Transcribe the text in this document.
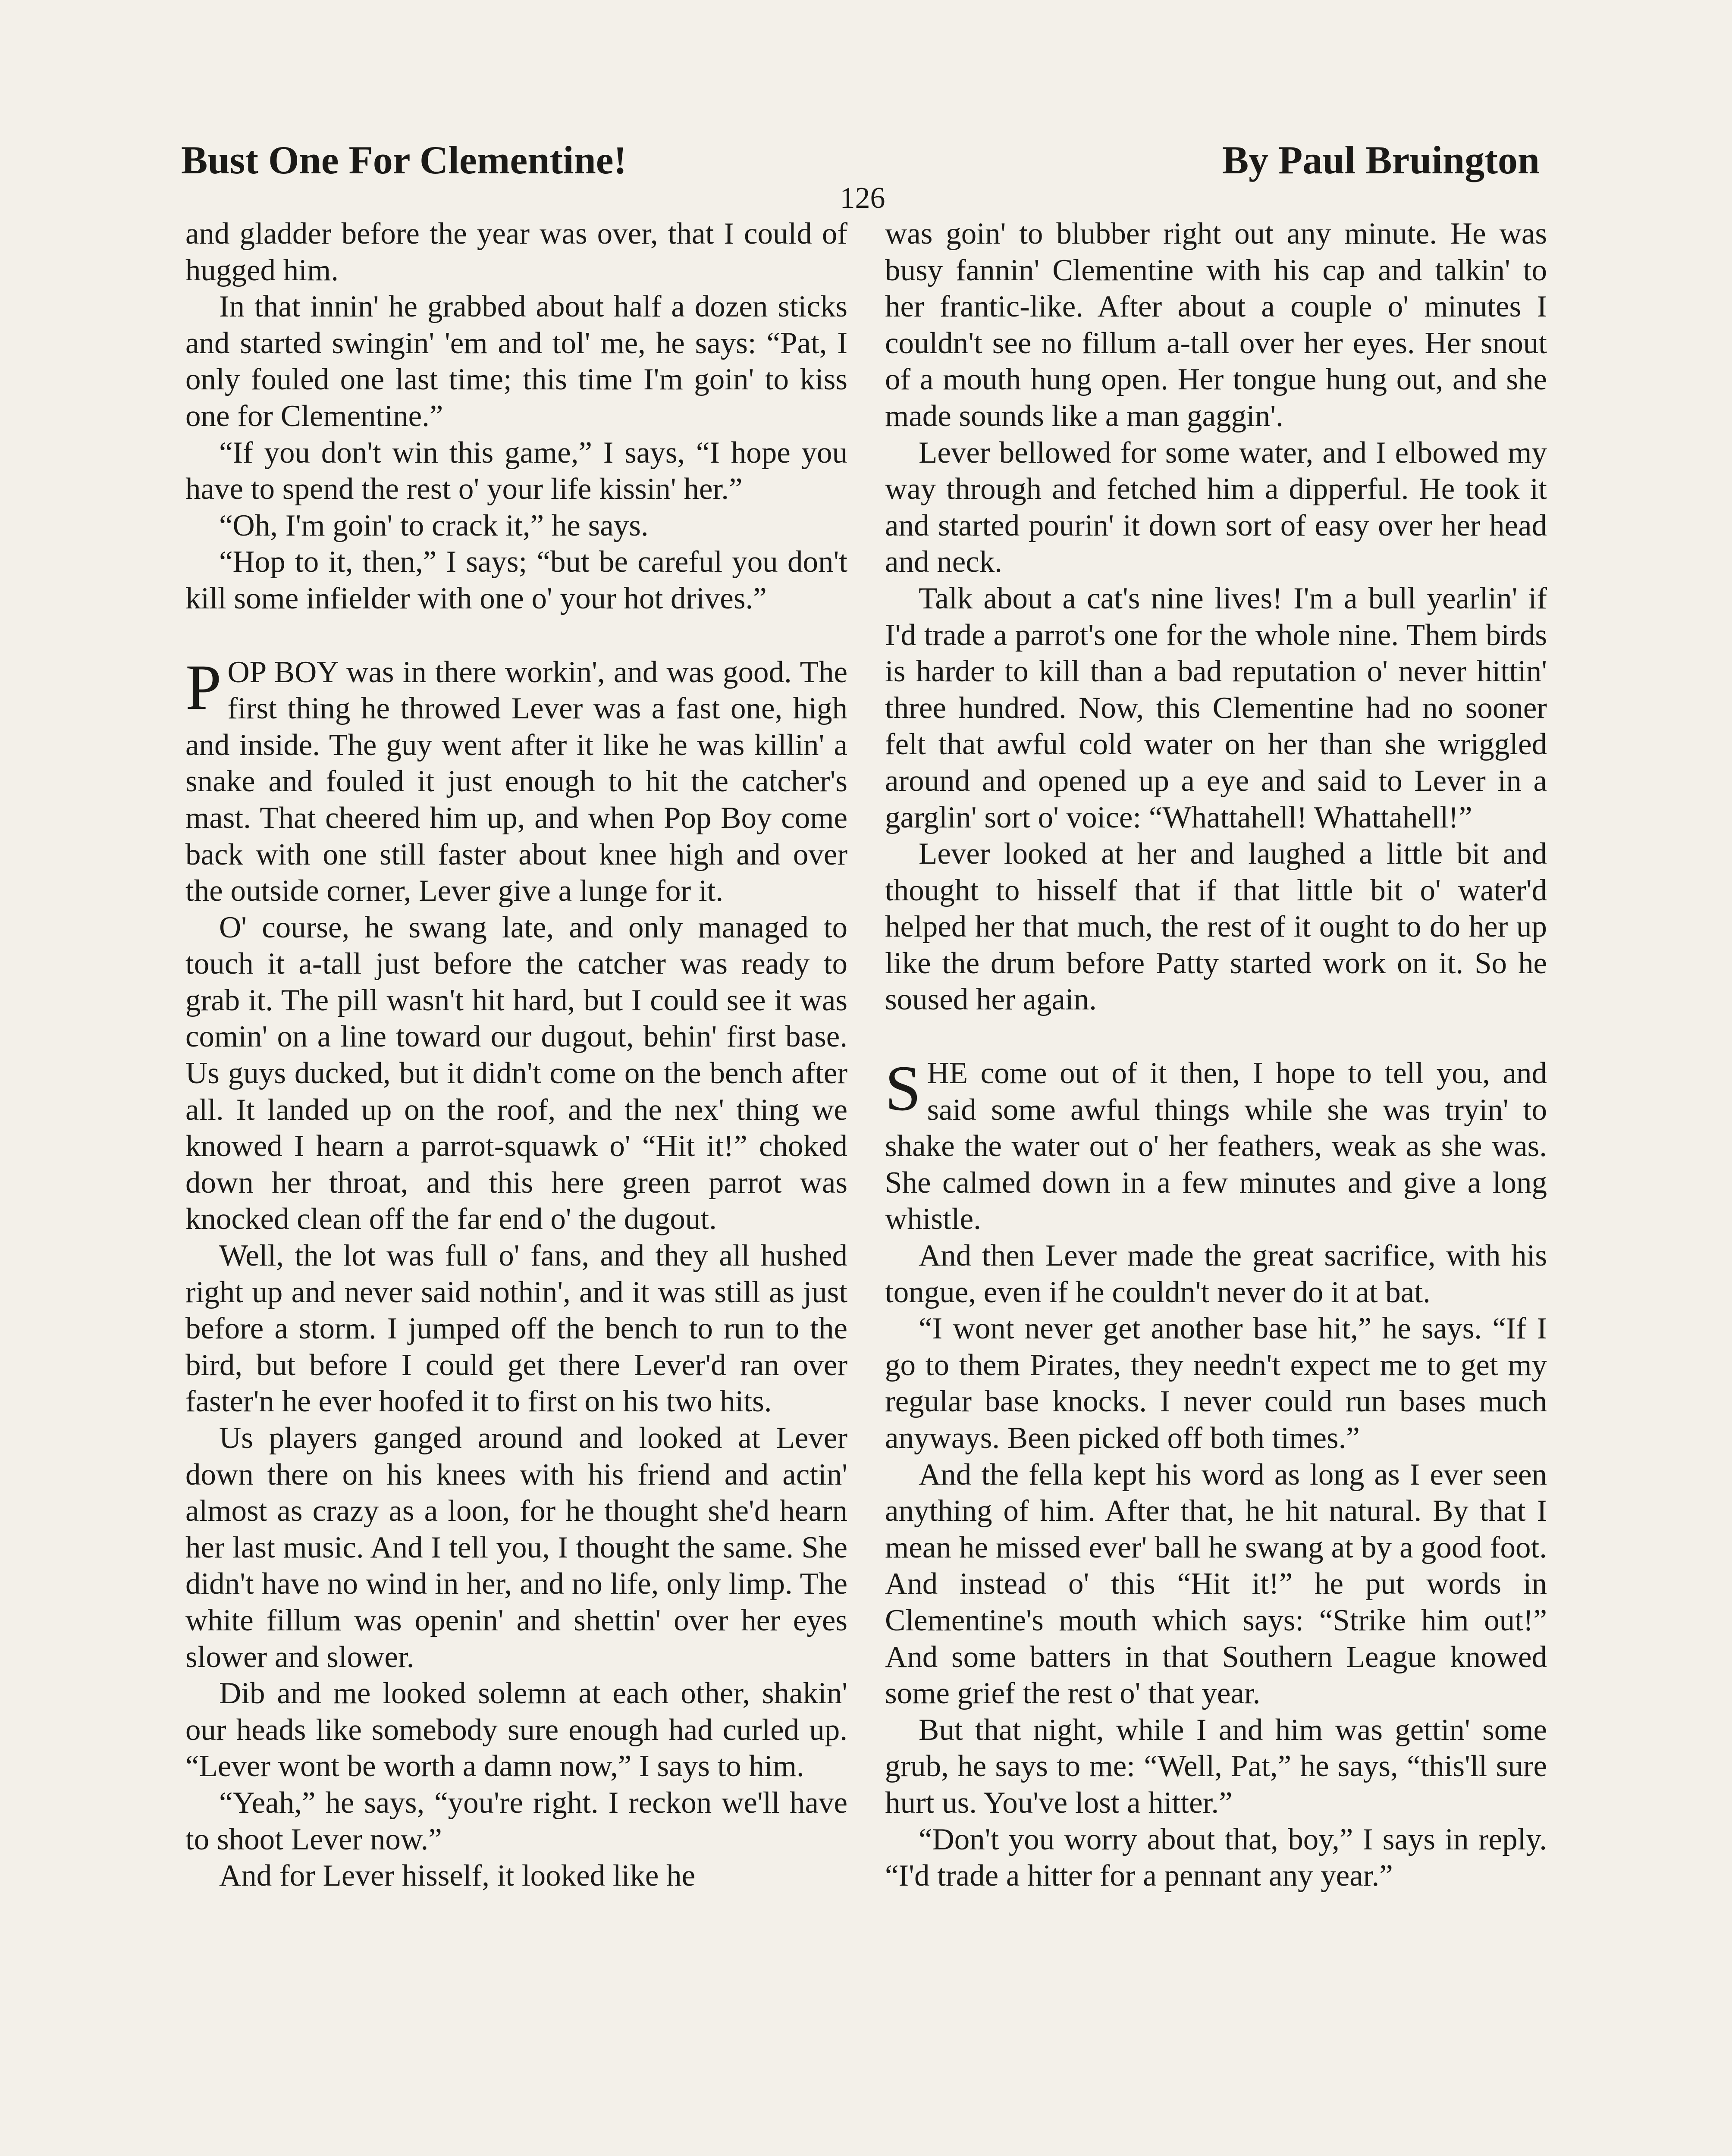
Bust One For Clementine!	By Paul Bruington
126

and gladder before the year was over, that I could of hugged him.

In that innin' he grabbed about half a dozen sticks and started swingin' 'em and tol' me, he says: “Pat, I only fouled one last time; this time I'm goin' to kiss one for Clementine.”

“If you don't win this game,” I says, “I hope you have to spend the rest o' your life kissin' her.”

“Oh, I'm goin' to crack it,” he says.

“Hop to it, then,” I says; “but be careful you don't kill some infielder with one o' your hot drives.”

POP BOY was in there workin', and was good. The first thing he throwed Lever was a fast one, high and inside. The guy went after it like he was killin' a snake and fouled it just enough to hit the catcher's mast. That cheered him up, and when Pop Boy come back with one still faster about knee high and over the outside corner, Lever give a lunge for it.

O' course, he swang late, and only managed to touch it a-tall just before the catcher was ready to grab it. The pill wasn't hit hard, but I could see it was comin' on a line toward our dugout, behin' first base. Us guys ducked, but it didn't come on the bench after all. It landed up on the roof, and the nex' thing we knowed I hearn a parrot-squawk o' “Hit it!” choked down her throat, and this here green parrot was knocked clean off the far end o' the dugout.

Well, the lot was full o' fans, and they all hushed right up and never said nothin', and it was still as just before a storm. I jumped off the bench to run to the bird, but before I could get there Lever'd ran over faster'n he ever hoofed it to first on his two hits.

Us players ganged around and looked at Lever down there on his knees with his friend and actin' almost as crazy as a loon, for he thought she'd hearn her last music. And I tell you, I thought the same. She didn't have no wind in her, and no life, only limp. The white fillum was openin' and shettin' over her eyes slower and slower.

Dib and me looked solemn at each other, shakin' our heads like somebody sure enough had curled up. “Lever wont be worth a damn now,” I says to him.

“Yeah,” he says, “you're right. I reckon we'll have to shoot Lever now.”

And for Lever hisself, it looked like he

was goin' to blubber right out any minute. He was busy fannin' Clementine with his cap and talkin' to her frantic-like. After about a couple o' minutes I couldn't see no fillum a-tall over her eyes. Her snout of a mouth hung open. Her tongue hung out, and she made sounds like a man gaggin'.

Lever bellowed for some water, and I elbowed my way through and fetched him a dipperful. He took it and started pourin' it down sort of easy over her head and neck.

Talk about a cat's nine lives! I'm a bull yearlin' if I'd trade a parrot's one for the whole nine. Them birds is harder to kill than a bad reputation o' never hittin' three hundred. Now, this Clementine had no sooner felt that awful cold water on her than she wriggled around and opened up a eye and said to Lever in a garglin' sort o' voice: “Whattahell! Whattahell!”

Lever looked at her and laughed a little bit and thought to hisself that if that little bit o' water'd helped her that much, the rest of it ought to do her up like the drum before Patty started work on it. So he soused her again.

SHE come out of it then, I hope to tell you, and said some awful things while she was tryin' to shake the water out o' her feathers, weak as she was. She calmed down in a few minutes and give a long whistle.

And then Lever made the great sacrifice, with his tongue, even if he couldn't never do it at bat.

“I wont never get another base hit,” he says. “If I go to them Pirates, they needn't expect me to get my regular base knocks. I never could run bases much anyways. Been picked off both times.”

And the fella kept his word as long as I ever seen anything of him. After that, he hit natural. By that I mean he missed ever' ball he swang at by a good foot. And instead o' this “Hit it!” he put words in Clementine's mouth which says: “Strike him out!” And some batters in that Southern League knowed some grief the rest o' that year.

But that night, while I and him was gettin' some grub, he says to me: “Well, Pat,” he says, “this'll sure hurt us. You've lost a hitter.”

“Don't you worry about that, boy,” I says in reply. “I'd trade a hitter for a pennant any year.”
